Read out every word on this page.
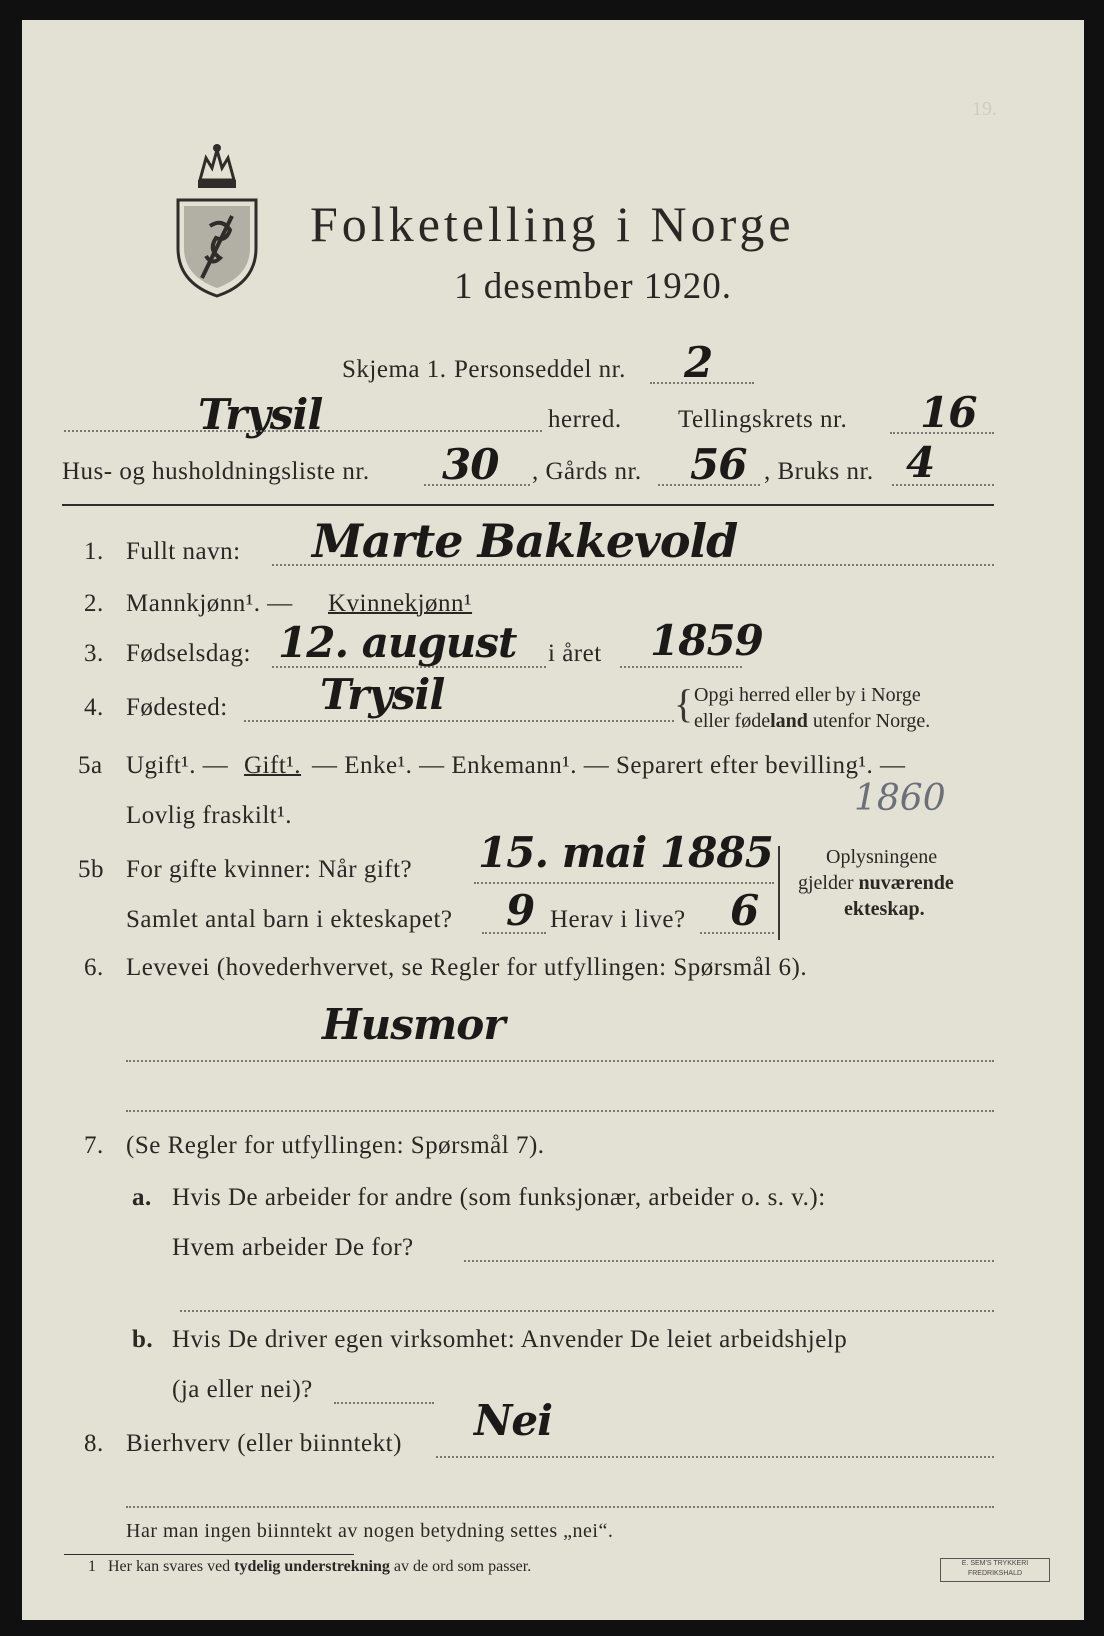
19.
Folketelling i Norge
1 desember 1920.
Skjema 1. Personseddel nr. 2
Trysil	herred. Tellingskrets nr. 16
Hus- og husholdningsliste nr. 30 , Gårds nr. 56 , Bruks nr. 4
1. Fullt navn: Marte Bakkevold
2. Mannkjønn¹. — Kvinnekjønn¹
3. Fødselsdag: 12. august i året 1859
4. Fødested: Trysil	{ Opgi herred eller by i Norge
eller fødeland utenfor Norge.
5a Ugift¹. — Gift¹. — Enke¹. — Enkemann¹. — Separert efter bevilling¹. —
Lovlig fraskilt¹.	1860
5b For gifte kvinner: Når gift? 15. mai 1885
Samlet antal barn i ekteskapet? 9 Herav i live? 6
Oplysningene
gjelder nuværende
ekteskap.
6. Levevei (hovederhvervet, se Regler for utfyllingen: Spørsmål 6).
Husmor
7. (Se Regler for utfyllingen: Spørsmål 7).
a. Hvis De arbeider for andre (som funksjonær, arbeider o. s. v.):
Hvem arbeider De for?
b. Hvis De driver egen virksomhet: Anvender De leiet arbeidshjelp
(ja eller nei)?
8. Bierhverv (eller biinntekt) Nei
Har man ingen biinntekt av nogen betydning settes „nei“.
1 Her kan svares ved tydelig understrekning av de ord som passer.	E. SEM'S TRYKKERI FREDRIKSHALD
